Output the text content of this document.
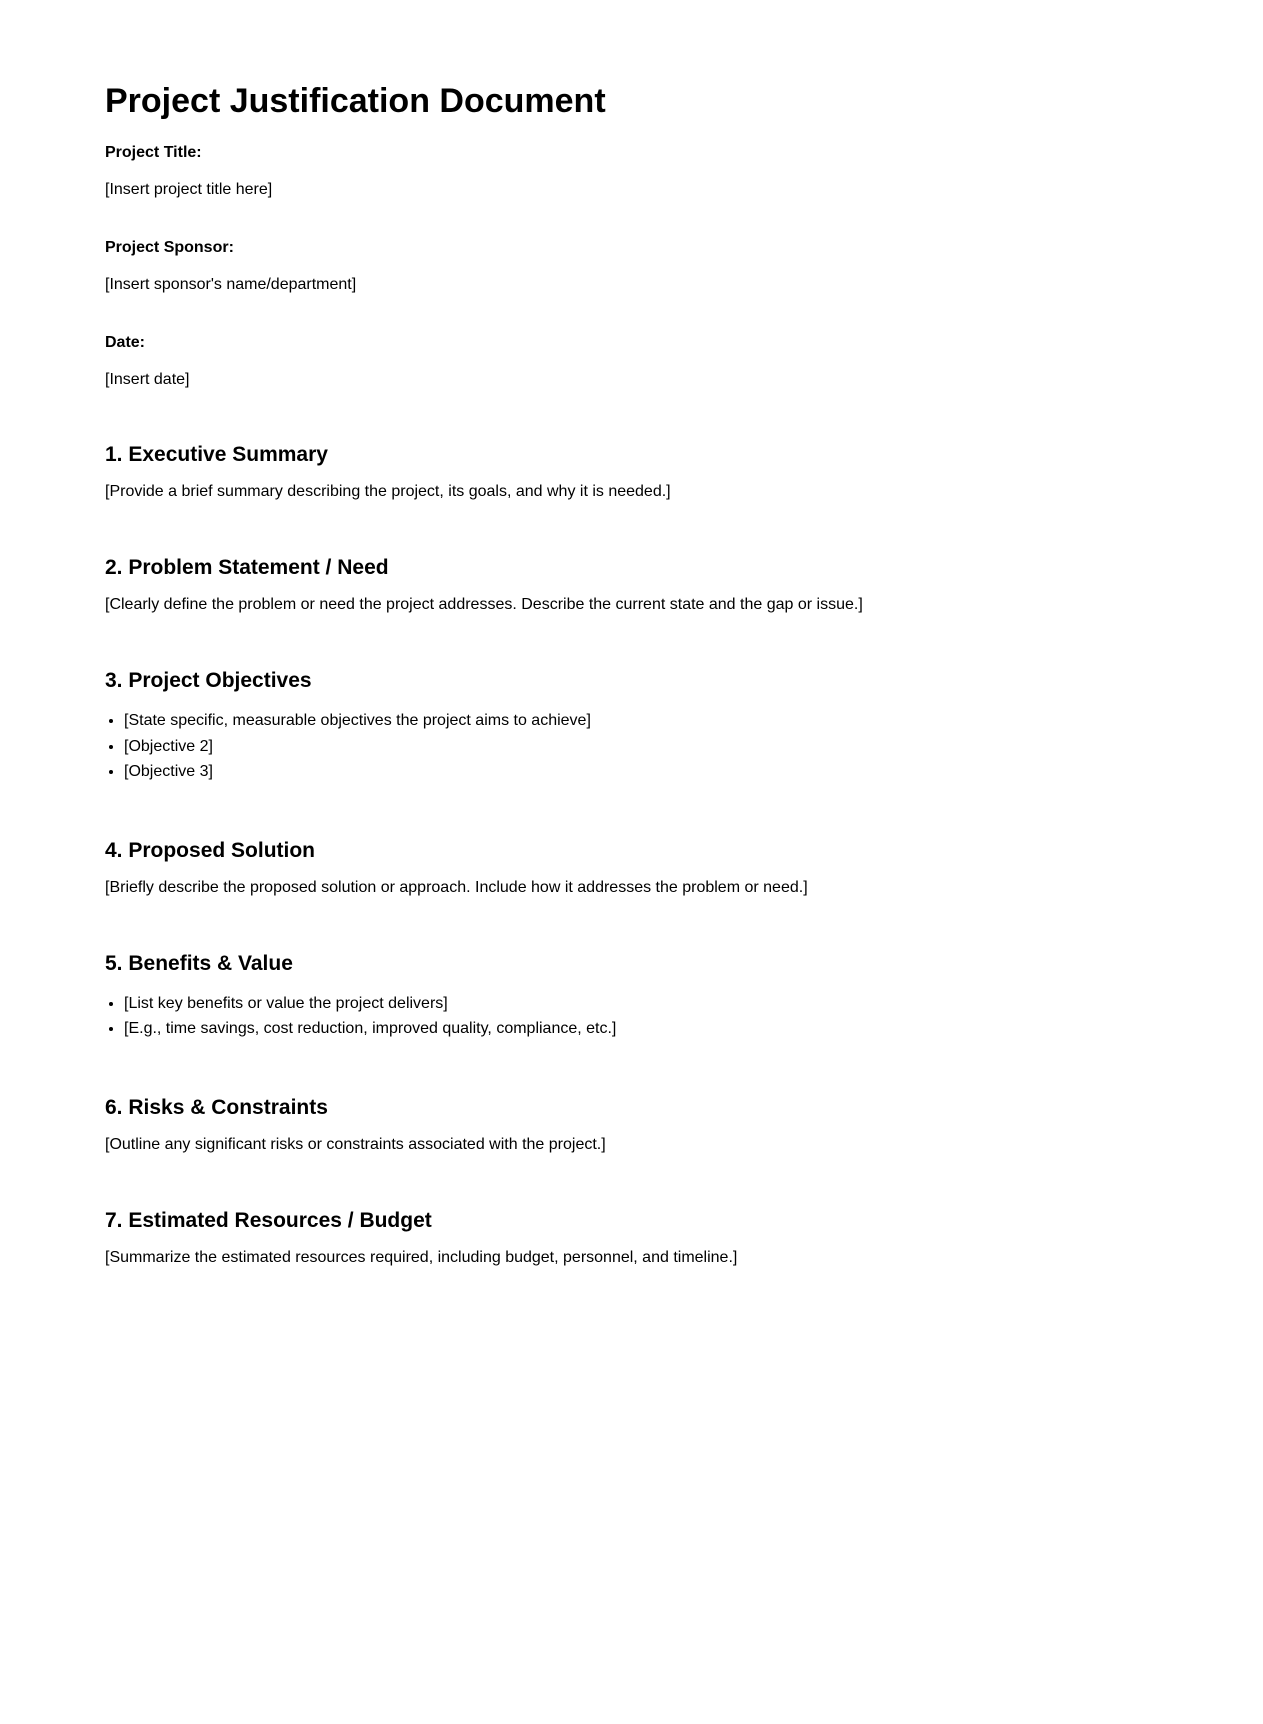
Project Justification Document

Project Title:

[Insert project title here]

Project Sponsor:

[Insert sponsor's name/department]

Date:

[Insert date]

1. Executive Summary

[Provide a brief summary describing the project, its goals, and why it is needed.]

2. Problem Statement / Need

[Clearly define the problem or need the project addresses. Describe the current state and the gap or issue.]

3. Project Objectives
• [State specific, measurable objectives the project aims to achieve]
• [Objective 2]
• [Objective 3]
4. Proposed Solution

[Briefly describe the proposed solution or approach. Include how it addresses the problem or need.]

5. Benefits & Value
• [List key benefits or value the project delivers]
• [E.g., time savings, cost reduction, improved quality, compliance, etc.]
6. Risks & Constraints

[Outline any significant risks or constraints associated with the project.]

7. Estimated Resources / Budget

[Summarize the estimated resources required, including budget, personnel, and timeline.]
